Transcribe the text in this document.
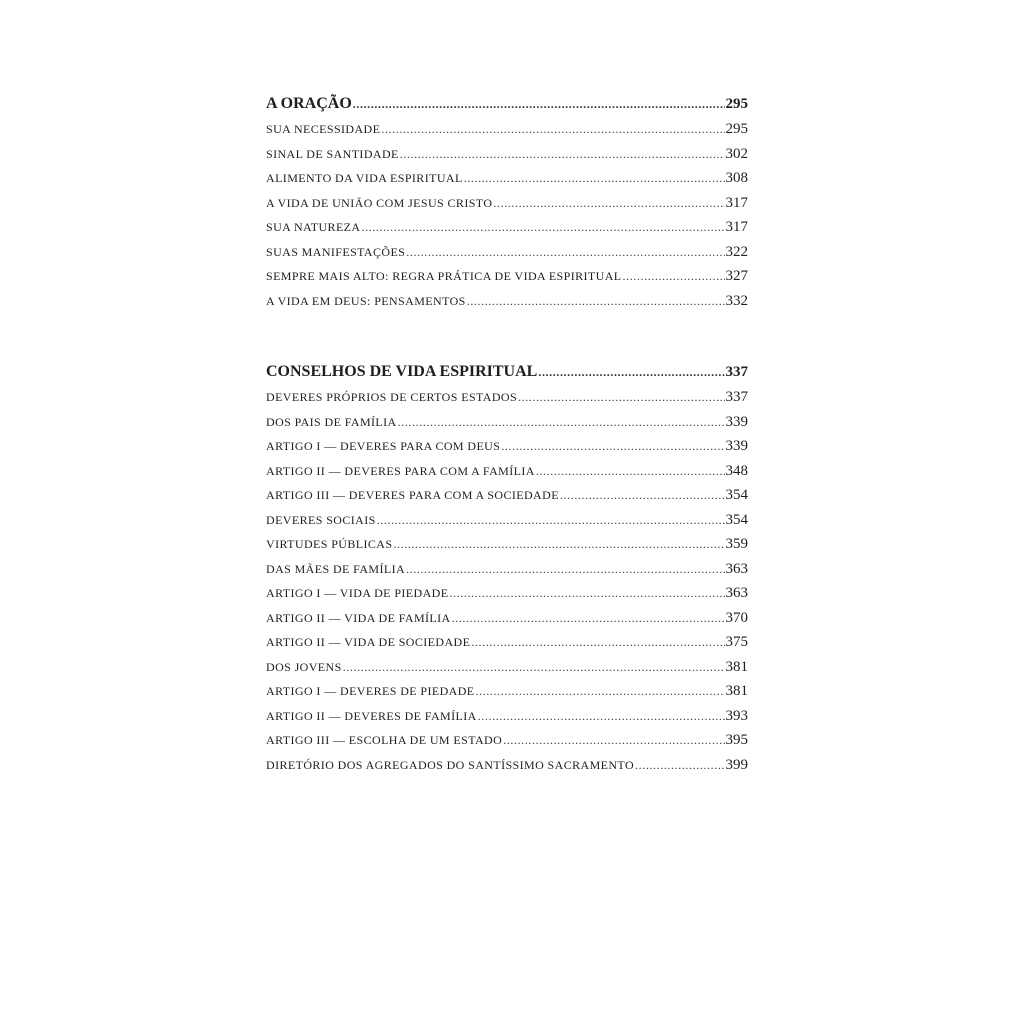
A ORAÇÃO .....	295
SUA NECESSIDADE .....	295
SINAL DE SANTIDADE .....	302
ALIMENTO DA VIDA ESPIRITUAL .....	308
A VIDA DE UNIÃO COM JESUS CRISTO .....	317
SUA NATUREZA .....	317
SUAS MANIFESTAÇÕES .....	322
SEMPRE MAIS ALTO: REGRA PRÁTICA DE VIDA ESPIRITUAL .....	327
A VIDA EM DEUS: PENSAMENTOS .....	332
CONSELHOS DE VIDA ESPIRITUAL .....	337
DEVERES PRÓPRIOS DE CERTOS ESTADOS .....	337
DOS PAIS DE FAMÍLIA .....	339
ARTIGO I — DEVERES PARA COM DEUS .....	339
ARTIGO II — DEVERES PARA COM A FAMÍLIA .....	348
ARTIGO III — DEVERES PARA COM A SOCIEDADE .....	354
DEVERES SOCIAIS .....	354
VIRTUDES PÚBLICAS .....	359
DAS MÃES DE FAMÍLIA .....	363
ARTIGO I — VIDA DE PIEDADE .....	363
ARTIGO II — VIDA DE FAMÍLIA .....	370
ARTIGO II — VIDA DE SOCIEDADE .....	375
DOS JOVENS .....	381
ARTIGO I — DEVERES DE PIEDADE .....	381
ARTIGO II — DEVERES DE FAMÍLIA .....	393
ARTIGO III — ESCOLHA DE UM ESTADO .....	395
DIRETÓRIO DOS AGREGADOS DO SANTÍSSIMO SACRAMENTO .....	399
